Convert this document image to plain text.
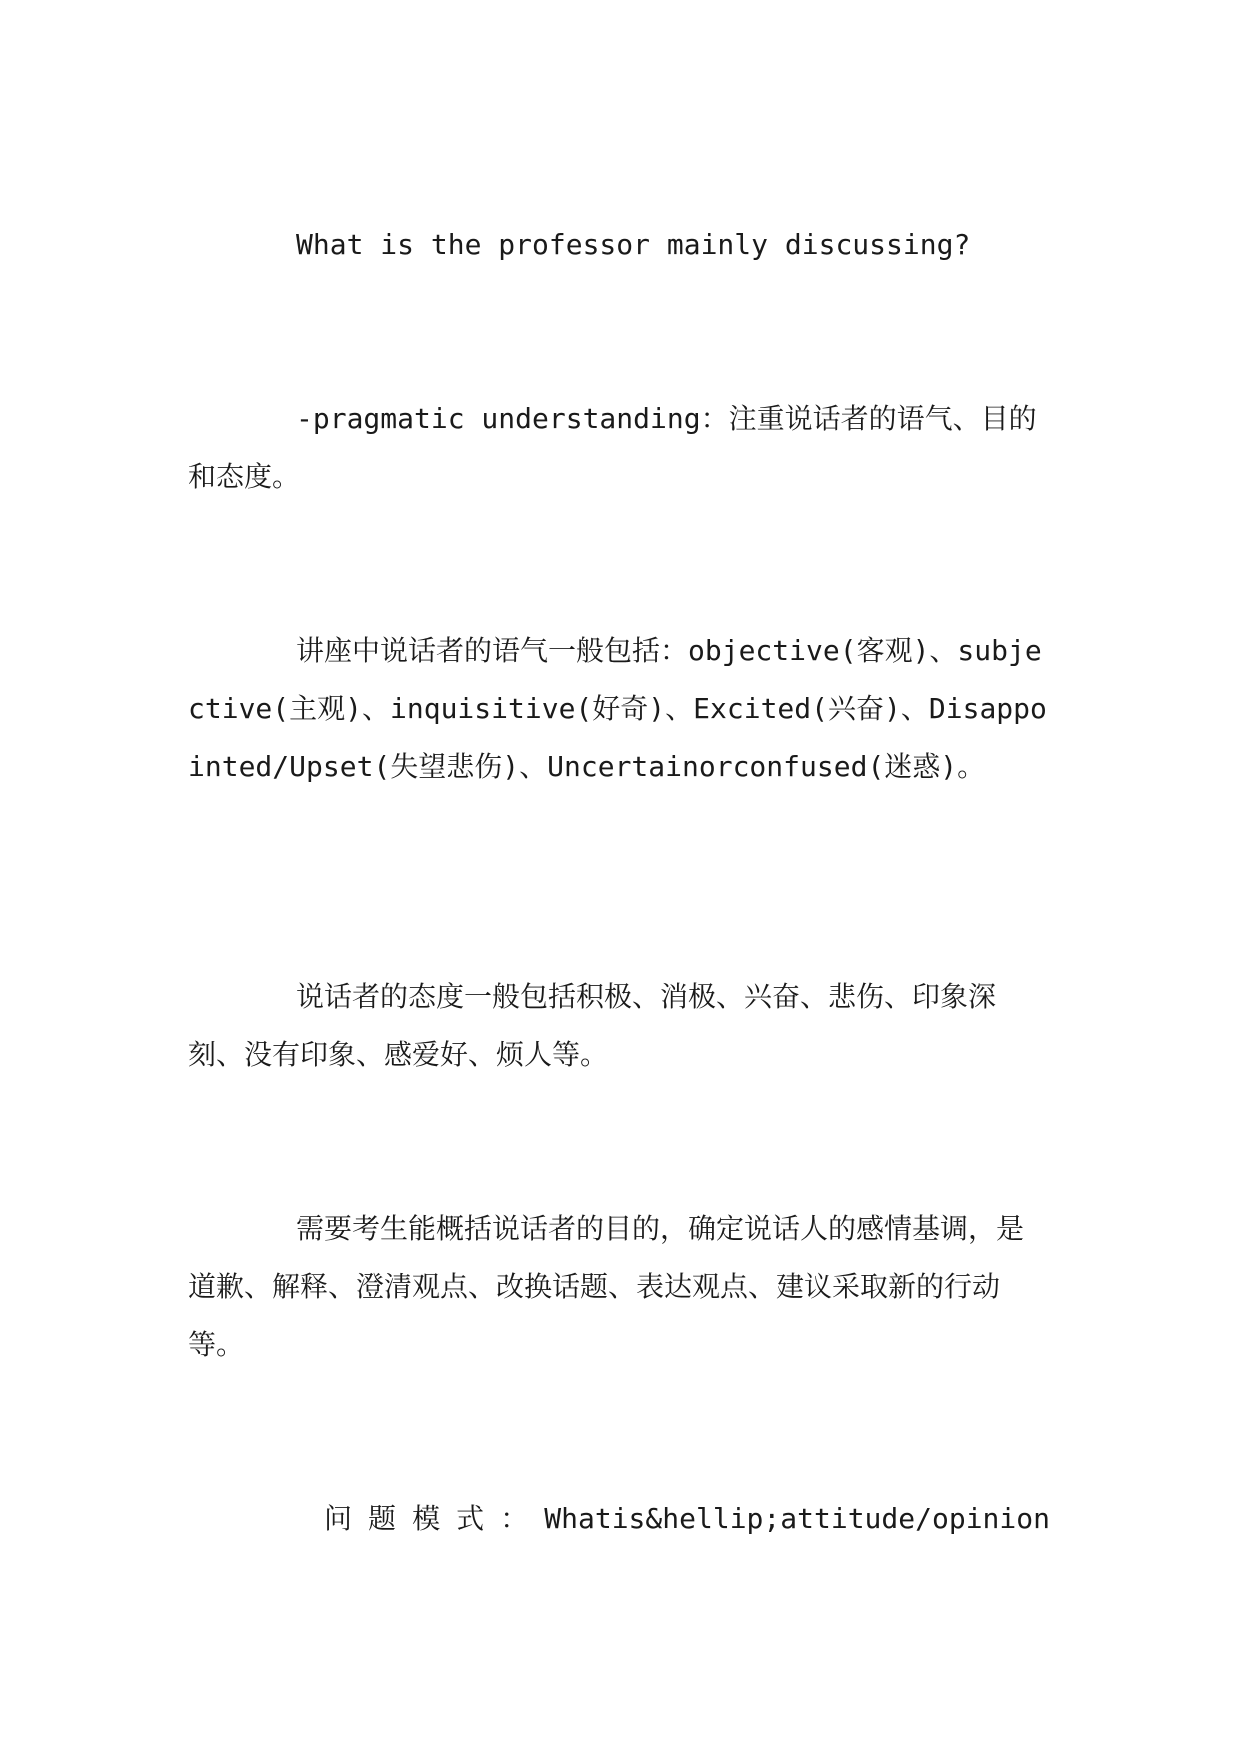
What is the professor mainly discussing?

-pragmatic understanding：注重说话者的语气、目的和态度。

讲座中说话者的语气一般包括：objective(客观)、subjective(主观)、inquisitive(好奇)、Excited(兴奋)、Disappointed/Upset(失望悲伤)、Uncertainorconfused(迷惑)。

说话者的态度一般包括积极、消极、兴奋、悲伤、印象深刻、没有印象、感爱好、烦人等。

需要考生能概括说话者的目的，确定说话人的感情基调，是道歉、解释、澄清观点、改换话题、表达观点、建议采取新的行动等。

问题模式：Whatis&hellip;attitude/opinion
